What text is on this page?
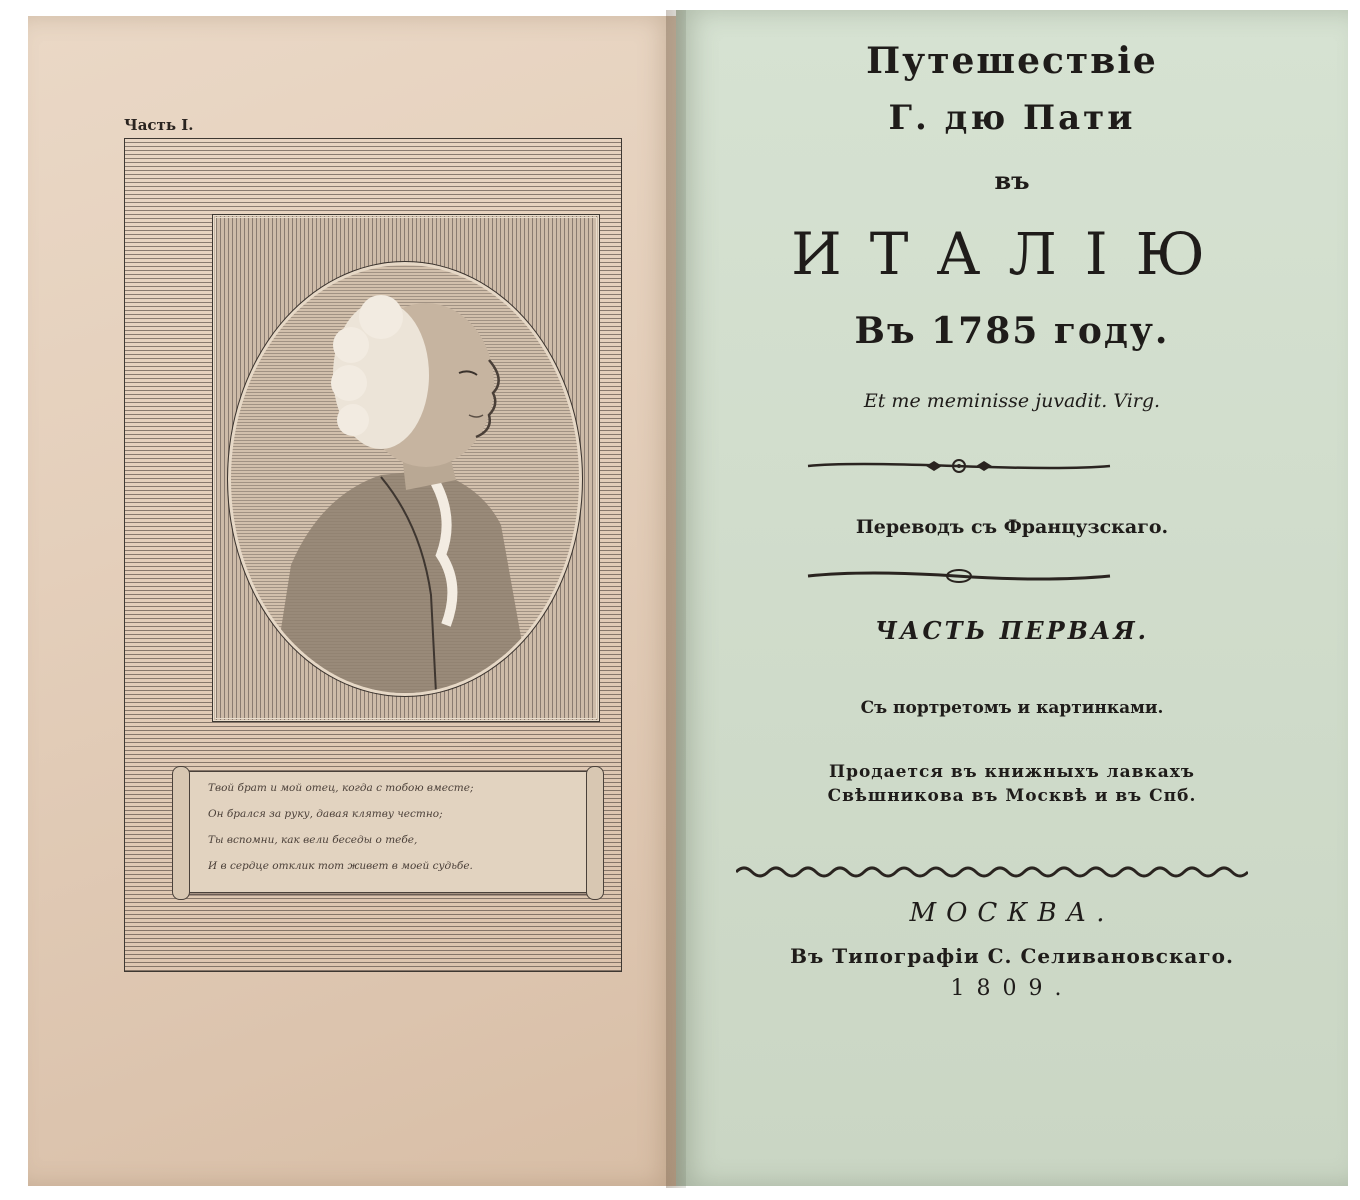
Часть I.
Твой брат и мой отец, когда с тобою вместе;
Он брался за руку, давая клятву честно;
Ты вспомни, как вели беседы о тебе,
И в сердце отклик тот живет в моей судьбе.
Путешествіе
Г. дю Пати
въ
ИТАЛІЮ
Въ 1785 году.
Et me meminisse juvadit. Virg.
Переводъ съ Французскаго.
ЧАСТЬ ПЕРВАЯ.
Съ портретомъ и картинками.
Продается въ книжныхъ лавкахъ
Свѣшникова въ Москвѣ и въ Спб.
МОСКВА.
Въ Типографіи С. Селивановскаго.
1809.
